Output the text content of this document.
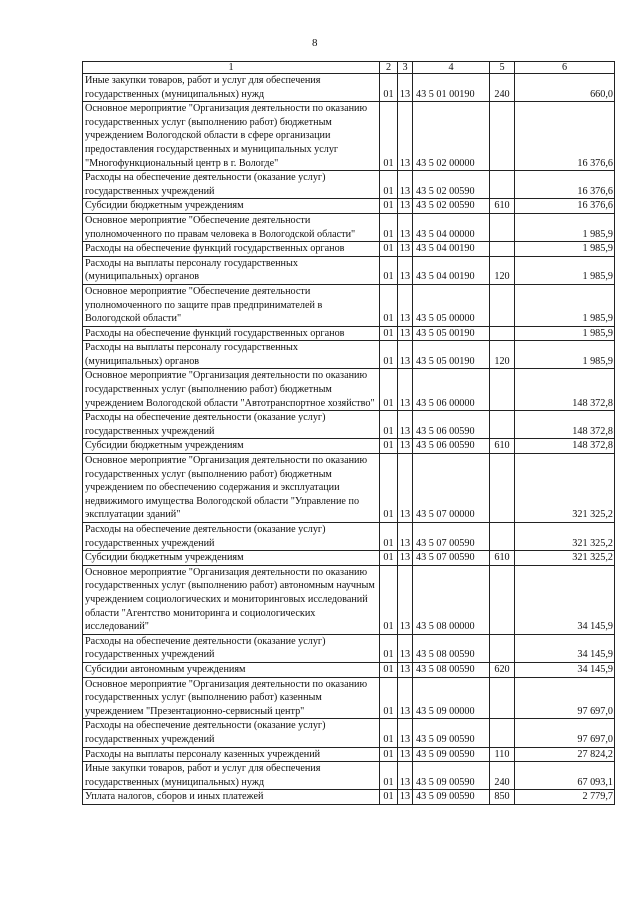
8
1	2	3	4	5	6
Иные закупки товаров, работ и услуг для обеспечения государственных (муниципальных) нужд	01	13	43 5 01 00190	240	660,0
Основное мероприятие "Организация деятельности по оказанию государственных услуг (выполнению работ) бюджетным учреждением Вологодской области в сфере организации предоставления государственных и муниципальных услуг "Многофункциональный центр в г. Вологде"	01	13	43 5 02 00000		16 376,6
Расходы на обеспечение деятельности (оказание услуг) государственных учреждений	01	13	43 5 02 00590		16 376,6
Субсидии бюджетным учреждениям	01	13	43 5 02 00590	610	16 376,6
Основное мероприятие "Обеспечение деятельности уполномоченного по правам человека в Вологодской области"	01	13	43 5 04 00000		1 985,9
Расходы на обеспечение функций государственных органов	01	13	43 5 04 00190		1 985,9
Расходы на выплаты персоналу государственных (муниципальных) органов	01	13	43 5 04 00190	120	1 985,9
Основное мероприятие "Обеспечение деятельности уполномоченного по защите прав предпринимателей в Вологодской области"	01	13	43 5 05 00000		1 985,9
Расходы на обеспечение функций государственных органов	01	13	43 5 05 00190		1 985,9
Расходы на выплаты персоналу государственных (муниципальных) органов	01	13	43 5 05 00190	120	1 985,9
Основное мероприятие "Организация деятельности по оказанию государственных услуг (выполнению работ) бюджетным учреждением Вологодской области "Автотранспортное хозяйство"	01	13	43 5 06 00000		148 372,8
Расходы на обеспечение деятельности (оказание услуг) государственных учреждений	01	13	43 5 06 00590		148 372,8
Субсидии бюджетным учреждениям	01	13	43 5 06 00590	610	148 372,8
Основное мероприятие "Организация деятельности по оказанию государственных услуг (выполнению работ) бюджетным учреждением по обеспечению содержания и эксплуатации недвижимого имущества Вологодской области "Управление по эксплуатации зданий"	01	13	43 5 07 00000		321 325,2
Расходы на обеспечение деятельности (оказание услуг) государственных учреждений	01	13	43 5 07 00590		321 325,2
Субсидии бюджетным учреждениям	01	13	43 5 07 00590	610	321 325,2
Основное мероприятие "Организация деятельности по оказанию государственных услуг (выполнению работ) автономным научным учреждением социологических и мониторинговых исследований области "Агентство мониторинга и социологических исследований"	01	13	43 5 08 00000		34 145,9
Расходы на обеспечение деятельности (оказание услуг) государственных учреждений	01	13	43 5 08 00590		34 145,9
Субсидии автономным учреждениям	01	13	43 5 08 00590	620	34 145,9
Основное мероприятие "Организация деятельности по оказанию государственных услуг (выполнению работ) казенным учреждением "Презентационно-сервисный центр"	01	13	43 5 09 00000		97 697,0
Расходы на обеспечение деятельности (оказание услуг) государственных учреждений	01	13	43 5 09 00590		97 697,0
Расходы на выплаты персоналу казенных учреждений	01	13	43 5 09 00590	110	27 824,2
Иные закупки товаров, работ и услуг для обеспечения государственных (муниципальных) нужд	01	13	43 5 09 00590	240	67 093,1
Уплата налогов, сборов и иных платежей	01	13	43 5 09 00590	850	2 779,7
